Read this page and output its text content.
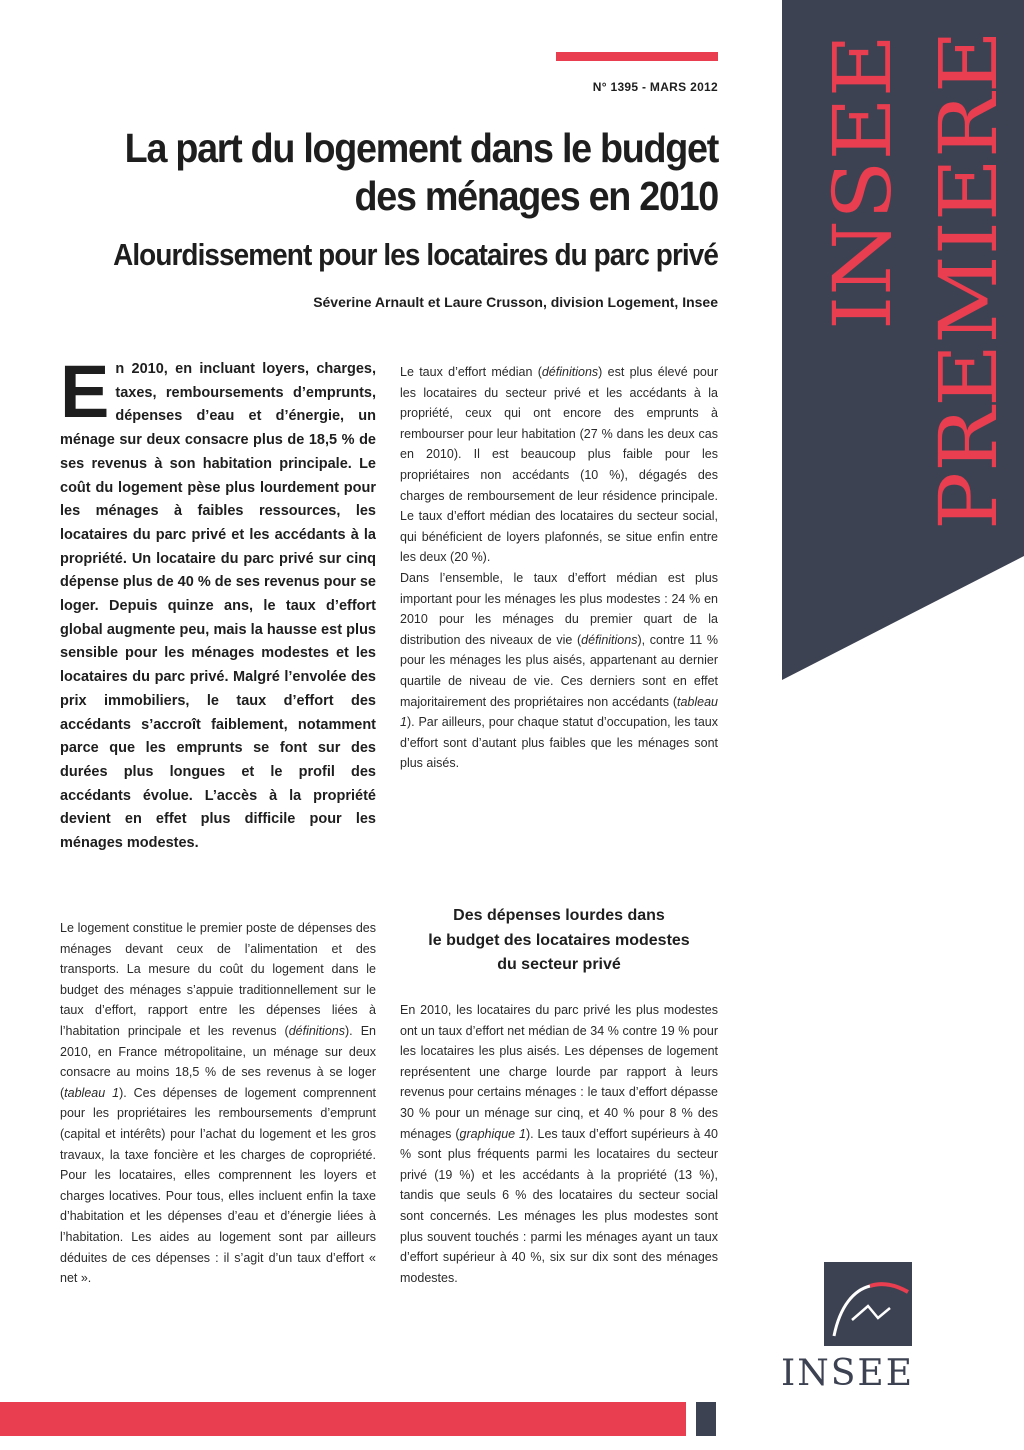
INSEE PREMIERE
N° 1395 - MARS 2012
La part du logement dans le budget
des ménages en 2010
Alourdissement pour les locataires du parc privé
Séverine Arnault et Laure Crusson, division Logement, Insee

En 2010, en incluant loyers, charges, taxes, remboursements d’emprunts, dépenses d’eau et d’énergie, un ménage sur deux consacre plus de 18,5 % de ses revenus à son habitation principale. Le coût du logement pèse plus lourdement pour les ménages à faibles ressources, les locataires du parc privé et les accédants à la propriété. Un locataire du parc privé sur cinq dépense plus de 40 % de ses revenus pour se loger. Depuis quinze ans, le taux d’effort global augmente peu, mais la hausse est plus sensible pour les ménages modestes et les locataires du parc privé. Malgré l’envolée des prix immobiliers, le taux d’effort des accédants s’accroît faiblement, notamment parce que les emprunts se font sur des durées plus longues et le profil des accédants évolue. L’accès à la propriété devient en effet plus difficile pour les ménages modestes.

Le taux d’effort médian (définitions) est plus élevé pour les locataires du secteur privé et les accédants à la propriété, ceux qui ont encore des emprunts à rembourser pour leur habitation (27 % dans les deux cas en 2010). Il est beaucoup plus faible pour les propriétaires non accédants (10 %), dégagés des charges de remboursement de leur résidence principale. Le taux d’effort médian des locataires du secteur social, qui bénéficient de loyers plafonnés, se situe enfin entre les deux (20 %).

Dans l’ensemble, le taux d’effort médian est plus important pour les ménages les plus modestes : 24 % en 2010 pour les ménages du premier quart de la distribution des niveaux de vie (définitions), contre 11 % pour les ménages les plus aisés, appartenant au dernier quartile de niveau de vie. Ces derniers sont en effet majoritairement des propriétaires non accédants (tableau 1). Par ailleurs, pour chaque statut d’occupation, les taux d’effort sont d’autant plus faibles que les ménages sont plus aisés.

Le logement constitue le premier poste de dépenses des ménages devant ceux de l’alimentation et des transports. La mesure du coût du logement dans le budget des ménages s’appuie traditionnellement sur le taux d’effort, rapport entre les dépenses liées à l’habitation principale et les revenus (définitions). En 2010, en France métropolitaine, un ménage sur deux consacre au moins 18,5 % de ses revenus à se loger (tableau 1). Ces dépenses de logement comprennent pour les propriétaires les remboursements d’emprunt (capital et intérêts) pour l’achat du logement et les gros travaux, la taxe foncière et les charges de copropriété. Pour les locataires, elles comprennent les loyers et charges locatives. Pour tous, elles incluent enfin la taxe d’habitation et les dépenses d’eau et d’énergie liées à l’habitation. Les aides au logement sont par ailleurs déduites de ces dépenses : il s’agit d’un taux d’effort « net ».

Des dépenses lourdes dans
le budget des locataires modestes
du secteur privé

En 2010, les locataires du parc privé les plus modestes ont un taux d’effort net médian de 34 % contre 19 % pour les locataires les plus aisés. Les dépenses de logement représentent une charge lourde par rapport à leurs revenus pour certains ménages : le taux d’effort dépasse 30 % pour un ménage sur cinq, et 40 % pour 8 % des ménages (graphique 1). Les taux d’effort supérieurs à 40 % sont plus fréquents parmi les locataires du secteur privé (19 %) et les accédants à la propriété (13 %), tandis que seuls 6 % des locataires du secteur social sont concernés. Les ménages les plus modestes sont plus souvent touchés : parmi les ménages ayant un taux d’effort supérieur à 40 %, six sur dix sont des ménages modestes.

INSEE
